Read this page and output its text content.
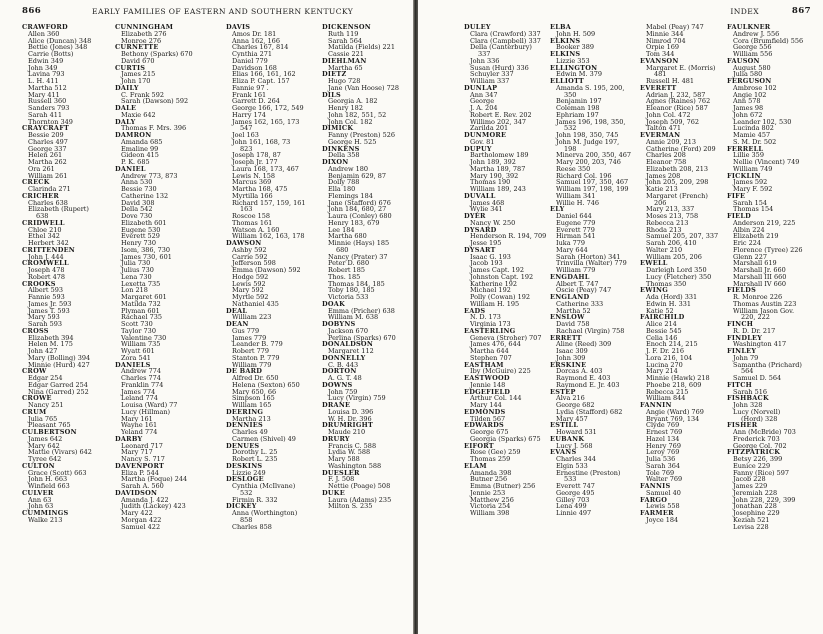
866	EARLY FAMILIES OF EASTERN AND SOUTHERN KENTUCKY
CRAWFORD
Allen 360
Alice (Duncan) 348
Bettie (Jones) 348
Carrie (Botts)
Edwin 349
John 349
Lavina 793
L. H. 411
Martha 512
Mary 411
Russell 360
Sanders 793
Sarah 411
Thornton 349
CRAYCRAFT
Bessie 209
Charles 497
George 337
Helen 261
Martha 262
Ora 261
William 261
CRECK
Clarinda 271
CRICHER
Charles 638
Elizabeth (Rupert)
638
CRIDWELL
Chloe 210
Ethel 342
Herbert 342
CRITTENDEN
John J. 444
CROMWELL
Joseph 478
Robert 478
CROOKS
Albert 593
Fannie 593
James Jr. 593
James T. 593
Mary 593
Sarah 593
CROSS
Elizabeth 394
Helen M. 175
John 427
Mary (Bolling) 394
Minnie (Hurd) 427
CROW
Edgar 254
Edgar Garred 254
Nina (Garred) 252
CROWE
Nancy 251
CRUM
Julia 765
Pleasant 765
CULBERTSON
James 642
Mary 642
Mattie (Vivars) 642
Tyree 642
CULTON
Grace (Scott) 663
John H. 663
Winfield 663
CULVER
Ann 63
John 63
CUMMINGS
Walke 213
CUNNINGHAM
Elizabeth 276
Monroe 276
CURNETTE
Bethony (Sparks) 670
David 670
CURTIS
James 215
John 170
DAILY
C. Frank 592
Sarah (Dawson) 592
DALE
Maxie 642
DALY
Thomas F. Mrs. 396
DAMRON
Amanda 685
Emaline 99
Gideon 415
P. K. 685
DANIEL
Andrew 773, 873
Anna 530
Bessie 730
Catherine 132
David 308
Della 542
Dove 730
Elizabeth 601
Eugene 530
Everett 529
Henry 730
Isom, 386, 730
James 730, 601
Julia 730
Julius 730
Lena 730
Lexetta 735
Lon 218
Margaret 601
Matilda 732
Plyman 601
Rachael 735
Scott 730
Taylor 730
Valentine 730
William 735
Wyatt 601
Zora 541
DANIELS
Andrew 774
Charles 774
Franklin 774
James 774
Leland 774
Louisa (Ward) 77
Lucy (Hillman)
Mary 161
Wayne 161
Yeland 774
DARBY
Leonard 717
Mary 717
Nancy S. 717
DAVENPORT
Eliza P. 544
Martha (Foque) 244
Sarah A. 560
DAVIDSON
Amanda J. 422
Judith (Lackey) 423
Mary 422
Morgan 422
Samuel 422
DAVIS
Amos Dr. 181
Anna 162, 166
Charles 167, 814
Cynthia 271
Daniel 779
Davidson 168
Elias 166, 161, 162
Eliza P. Capt. 157
Fannie 97 .
Frank 161
Garrett D. 264
George 166, 172, 549
Harry 174
James 162, 165, 173
547
Joel 163
John 161, 168, 73
823
Joseph 178, 87
Joseph Jr. 177
Laura 168, 173, 467
Lewis N. 158
Marcus 369
Martha 168, 475
Myrtilla 166
Richard 157, 159, 161
163
Roscoe 158
Thomas 161
Watson A. 160
William 162, 163, 178
DAWSON
Ashby 592
Carrie 592
Jefferson 598
Emma (Dawson) 592
Hodge 592
Lewis 592
Mary 592
Myrtle 592
Nathaniel 435
DEAL
William 223
DEAN
Gus 779
James 779
Leander B. 779
Robert 779
Stanton P. 779
William 779
DE BARD
Alfred Dr. 650
Helena (Sexton) 650
Mary 650, 66
Simpson 165
William 165
DEERING
Martha 213
DENNIES
Charles 49
Carmen (Shivel) 49
DENUES
Dorothy L. 25
Robert L. 235
DESKINS
Lizzie 249
DESLOGE
Cynthia (McIlvane)
532
Firmin R. 332
DICKEY
Anna (Worthington)
858
Charles 858
DICKENSON
Ruth 119
Sarah 564
Matilda (Fields) 221
Cassie 221
DIEHLMAN
Martha 65
DIETZ
Hugo 728
Jane (Van Hoose) 728
DILS
Georgia A. 182
Henry 182
John 182, 551, 52
John Col. 182
DIMICK
Fanny (Preston) 526
George H. 525
DINKENS
Della 358
DIXON
Andrew 180
Benjamin 629, 87
Dolly 788
Ella 180
Flemings 184
Jane (Stafford) 676
John 184, 680, 27
Laura (Conley) 680
Henry 183, 679
Lee 184
Martha 680
Minnie (Hays) 185
680
Nancy (Prater) 37
Peter D. 680
Robert 185
Thos. 185
Thomas 184, 185
Toby 180, 185
Victoria 533
DOAK
Emma (Pricher) 638
William M. 638
DOBYNS
Jackson 670
Perlina (Sparks) 670
DONALDSON
Margaret 112
DONNELLY
C. B. 443
DORTON
A. G. T. 48
DOWNS
John 759
Lucy (Virgin) 759
DRANE
Louisa D. 396
W. H. Dr. 396
DRUMRIGHT
Maude 210
DRURY
Francis C. 588
Lydia W. 588
Mary 588
Washington 588
DUESLER
F. J. 508
Nettie (Poage) 508
DUKE
Laura (Adams) 235
Milton S. 235
INDEX	867
DULEY
Clara (Crawford) 337
Clara (Campbell) 337
Della (Canterbury)
337
John 336
Susan (Hurd) 336
Schuyler 337
William 337
DUNLAP
Ann 347
George
J. A. 204
Robert E. Rev. 202
Willimo 202, 347
Zarilda 201
DUNMORE
Gov. 81
DUPUY
Bartholomew 189
John 189, 392
Martha 189, 787
Mary 190, 392
Thomas 190
William 189, 243
DUVALL
James 468
Wylie 341
DYER
Nancy W. 250
DYSARD
Henderson R. 194, 709
Jesse 195
DYSART
Isaac G. 193
Jacob 193
James Capt. 192
Johnston Capt. 192
Katherine 192
Michael 192
Polly (Cowan) 192
William H. 195
EADS
N. D. 173
Virginia 173
EASTERLING
Geneva (Stroher) 707
James 476, 644
Martha 644
Stephen 707
EASTHAM
Iby (McGuire) 225
EASTWOOD
Jennie 148
EDGEFIELD
Arthur Col. 144
Mary 144
EDMONDS
Tilden 567
EDWARDS
George 675
Georgia (Sparks) 675
EIFORT
Rose (Gee) 259
Thomas 259
ELAM
Amanda 398
Butner 256
Emma (Butner) 256
Jennie 253
Matthew 256
Victoria 254
William 398
ELBA
John H. 509
ELKINS
Booker 389
ELKINS
Lizzie 353
ELLINGTON
Edwin M. 379
ELLIOTT
Amanda S. 195, 200,
350
Benjamin 197
Coleman 198
Ephriam 197
James 196, 198, 350,
532
John 198, 350, 745
John M. Judge 197,
198
Minerva 200, 350, 467
Mary 200, 203, 746
Reese 350
Richard Col. 196
Samuel 197, 350, 467
William 197, 198, 199
William 341
Willie H. 746
ELY
Daniel 644
Eugene 779
Everett 779
Hirman 541
Iuka 779
Mary 644
Sarah (Horton) 341
Trinvilla (Walter) 779
William 779
ENGDAHL
Albert T. 747
Oscie (Peay) 747
ENGLAND
Catherine 333
Martha 52
ENSLOW
David 758
Rachael (Virgin) 758
ERRETT
Aline (Reed) 309
Isaac 309
John 309
ERSKINE
Dorcas A. 403
Raymond E. 403
Raymond E. Jr. 403
ESTEP
Alva 216
George 682
Lydia (Stafford) 682
Mary 457
ESTILL
Howard 531
EUBANK
Lucy J. 568
EVANS
Charles 344
Elgin 533
Ernestine (Preston)
533
Everett 747
George 495
Gilley 703
Lena 499
Linnie 497
Mabel (Peay) 747
Minnie 344
Nimrod 704
Orpie 169
Tom 344
EVANSON
Margaret E. (Morris)
481
Russell H. 481
EVERETT
Adrian J. 232, 587
Agnes (Raines) 762
Eleanor (Rice) 587
John Col. 472
Joseph 509, 762
Talton 471
EVERMAN
Annie 209, 213
Catherine (Ford) 209
Charles 208
Eleanor 758
Elizabeth 208, 213
James 208
John 205, 209, 298
Katie 213
Margaret (French)
206
Mary 213, 337
Moses 213, 758
Rebecca 213
Rhoda 213
Samuel 205, 207, 337
Sarah 206, 410
Walter 210
William 205, 206
EWELL
Darleigh Lord 350
Lucy (Fletcher) 350
Thomas 350
EWING
Ada (Hord) 331
Edwin H. 331
Katie 52
FAIRCHILD
Alice 214
Bessie 545
Celia 146
Enoch 214, 215
J. F. Dr. 216
Lora 216, 104
Lucina 270
Mary 214
Minnie (Hawk) 218
Phoebe 218, 609
Rebecca 215
William 844
FANNIN
Angie (Ward) 769
Bryant 769, 134
Clyde 769
Ernest 769
Hazel 134
Henry 769
Leroy 769
Julia 536
Sarah 364
Tole 769
Walter 769
FANNIS
Samuel 40
FARGO
Lewis 558
FARMER
Joyce 184
FAULKNER
Andrew J. 556
Cora (Brumfield) 556
George 556
William 556
FAUSON
August 580
Julia 580
FERGUSON
Ambrose 102
Angie 102
Ann 578
James 98
John 672
Leander 102, 530
Lucinda 802
Mamie 457
S. M. Dr. 502
FERRELL
Lillie 359
Nellie (Vincent) 749
William 749
FICKLIN
James 592
Mary F. 592
FIFE
Sarah 154
Thomas 154
FIELD
Anderson 219, 225
Albin 224
Elizabeth 219
Eric 224
Florence (Tyree) 226
Glenn 227
Marshall 619
Marshall Jr. 660
Marshall III 660
Marshall IV 660
FIELDS
R. Monroe 226
Thomas Austin 223
William Jason Gov.
220, 222
FINCH
R. D. Dr. 217
FINDLEY
Washington 417
FINLEY
John 79
Samantha (Prichard)
564
Samuel D. 564
FITCH
Sarah 516
FISHBACK
John 328
Lucy (Norvell)
(Hord) 328
FISHER
Ann (McBride) 703
Frederick 703
George Col. 702
FITZPATRICK
Betsy 226, 399
Eunice 229
Fanny (Rice) 597
Jacob 228
James 229
Jeremiah 228
John 228, 229, 399
Jonathan 228
Josephine 229
Keziah 521
Levisa 228
